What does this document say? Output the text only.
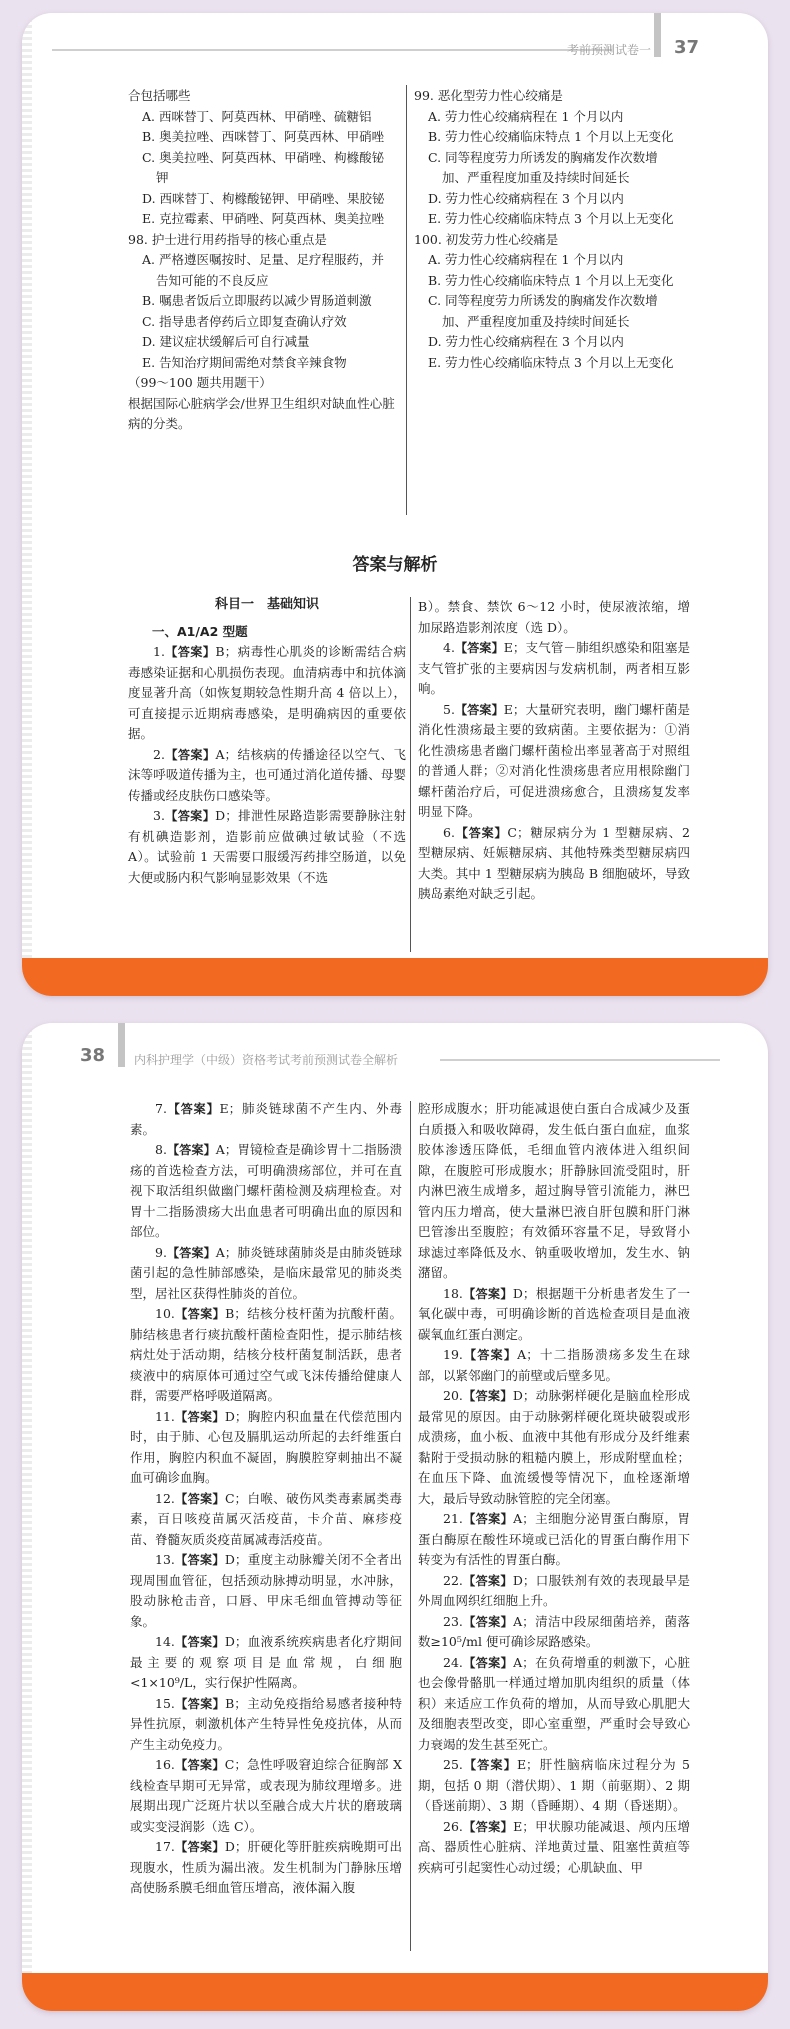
考前预测试卷一 37

合包括哪些

A. 西咪替丁、阿莫西林、甲硝唑、硫糖铝

B. 奥美拉唑、西咪替丁、阿莫西林、甲硝唑

C. 奥美拉唑、阿莫西林、甲硝唑、枸橼酸铋钾

D. 西咪替丁、枸橼酸铋钾、甲硝唑、果胶铋

E. 克拉霉素、甲硝唑、阿莫西林、奥美拉唑

98. 护士进行用药指导的核心重点是

A. 严格遵医嘱按时、足量、足疗程服药，并告知可能的不良反应

B. 嘱患者饭后立即服药以减少胃肠道刺激

C. 指导患者停药后立即复查确认疗效

D. 建议症状缓解后可自行减量

E. 告知治疗期间需绝对禁食辛辣食物

（99～100 题共用题干）

根据国际心脏病学会/世界卫生组织对缺血性心脏病的分类。

99. 恶化型劳力性心绞痛是

A. 劳力性心绞痛病程在 1 个月以内

B. 劳力性心绞痛临床特点 1 个月以上无变化

C. 同等程度劳力所诱发的胸痛发作次数增加、严重程度加重及持续时间延长

D. 劳力性心绞痛病程在 3 个月以内

E. 劳力性心绞痛临床特点 3 个月以上无变化

100. 初发劳力性心绞痛是

A. 劳力性心绞痛病程在 1 个月以内

B. 劳力性心绞痛临床特点 1 个月以上无变化

C. 同等程度劳力所诱发的胸痛发作次数增加、严重程度加重及持续时间延长

D. 劳力性心绞痛病程在 3 个月以内

E. 劳力性心绞痛临床特点 3 个月以上无变化

答案与解析

科目一　基础知识

一、A1/A2 型题

1.【答案】B；病毒性心肌炎的诊断需结合病毒感染证据和心肌损伤表现。血清病毒中和抗体滴度显著升高（如恢复期较急性期升高 4 倍以上），可直接提示近期病毒感染，是明确病因的重要依据。

2.【答案】A；结核病的传播途径以空气、飞沫等呼吸道传播为主，也可通过消化道传播、母婴传播或经皮肤伤口感染等。

3.【答案】D；排泄性尿路造影需要静脉注射有机碘造影剂，造影前应做碘过敏试验（不选 A）。试验前 1 天需要口服缓泻药排空肠道，以免大便或肠内积气影响显影效果（不选

B）。禁食、禁饮 6～12 小时，使尿液浓缩，增加尿路造影剂浓度（选 D）。

4.【答案】E；支气管－肺组织感染和阻塞是支气管扩张的主要病因与发病机制，两者相互影响。

5.【答案】E；大量研究表明，幽门螺杆菌是消化性溃疡最主要的致病菌。主要依据为：①消化性溃疡患者幽门螺杆菌检出率显著高于对照组的普通人群；②对消化性溃疡患者应用根除幽门螺杆菌治疗后，可促进溃疡愈合，且溃疡复发率明显下降。

6.【答案】C；糖尿病分为 1 型糖尿病、2 型糖尿病、妊娠糖尿病、其他特殊类型糖尿病四大类。其中 1 型糖尿病为胰岛 B 细胞破坏，导致胰岛素绝对缺乏引起。

38 内科护理学（中级）资格考试考前预测试卷全解析

7.【答案】E；肺炎链球菌不产生内、外毒素。

8.【答案】A；胃镜检查是确诊胃十二指肠溃疡的首选检查方法，可明确溃疡部位，并可在直视下取活组织做幽门螺杆菌检测及病理检查。对胃十二指肠溃疡大出血患者可明确出血的原因和部位。

9.【答案】A；肺炎链球菌肺炎是由肺炎链球菌引起的急性肺部感染，是临床最常见的肺炎类型，居社区获得性肺炎的首位。

10.【答案】B；结核分枝杆菌为抗酸杆菌。肺结核患者行痰抗酸杆菌检查阳性，提示肺结核病灶处于活动期，结核分枝杆菌复制活跃，患者痰液中的病原体可通过空气或飞沫传播给健康人群，需要严格呼吸道隔离。

11.【答案】D；胸腔内积血量在代偿范围内时，由于肺、心包及膈肌运动所起的去纤维蛋白作用，胸腔内积血不凝固，胸膜腔穿刺抽出不凝血可确诊血胸。

12.【答案】C；白喉、破伤风类毒素属类毒素，百日咳疫苗属灭活疫苗，卡介苗、麻疹疫苗、脊髓灰质炎疫苗属减毒活疫苗。

13.【答案】D；重度主动脉瓣关闭不全者出现周围血管征，包括颈动脉搏动明显，水冲脉，股动脉枪击音，口唇、甲床毛细血管搏动等征象。

14.【答案】D；血液系统疾病患者化疗期间最主要的观察项目是血常规，白细胞 <1×10⁹/L，实行保护性隔离。

15.【答案】B；主动免疫指给易感者接种特异性抗原，刺激机体产生特异性免疫抗体，从而产生主动免疫力。

16.【答案】C；急性呼吸窘迫综合征胸部 X 线检查早期可无异常，或表现为肺纹理增多。进展期出现广泛斑片状以至融合成大片状的磨玻璃或实变浸润影（选 C）。

17.【答案】D；肝硬化等肝脏疾病晚期可出现腹水，性质为漏出液。发生机制为门静脉压增高使肠系膜毛细血管压增高，液体漏入腹

腔形成腹水；肝功能减退使白蛋白合成减少及蛋白质摄入和吸收障碍，发生低白蛋白血症，血浆胶体渗透压降低，毛细血管内液体进入组织间隙，在腹腔可形成腹水；肝静脉回流受阻时，肝内淋巴液生成增多，超过胸导管引流能力，淋巴管内压力增高，使大量淋巴液自肝包膜和肝门淋巴管渗出至腹腔；有效循环容量不足，导致肾小球滤过率降低及水、钠重吸收增加，发生水、钠潴留。

18.【答案】D；根据题干分析患者发生了一氧化碳中毒，可明确诊断的首选检查项目是血液碳氧血红蛋白测定。

19.【答案】A；十二指肠溃疡多发生在球部，以紧邻幽门的前壁或后壁多见。

20.【答案】D；动脉粥样硬化是脑血栓形成最常见的原因。由于动脉粥样硬化斑块破裂或形成溃疡，血小板、血液中其他有形成分及纤维素黏附于受损动脉的粗糙内膜上，形成附壁血栓；在血压下降、血流缓慢等情况下，血栓逐渐增大，最后导致动脉管腔的完全闭塞。

21.【答案】A；主细胞分泌胃蛋白酶原，胃蛋白酶原在酸性环境或已活化的胃蛋白酶作用下转变为有活性的胃蛋白酶。

22.【答案】D；口服铁剂有效的表现最早是外周血网织红细胞上升。

23.【答案】A；清洁中段尿细菌培养，菌落数≥10⁵/ml 便可确诊尿路感染。

24.【答案】A；在负荷增重的刺激下，心脏也会像骨骼肌一样通过增加肌肉组织的质量（体积）来适应工作负荷的增加，从而导致心肌肥大及细胞表型改变，即心室重塑，严重时会导致心力衰竭的发生甚至死亡。

25.【答案】E；肝性脑病临床过程分为 5 期，包括 0 期（潜伏期）、1 期（前驱期）、2 期（昏迷前期）、3 期（昏睡期）、4 期（昏迷期）。

26.【答案】E；甲状腺功能减退、颅内压增高、器质性心脏病、洋地黄过量、阻塞性黄疸等疾病可引起窦性心动过缓；心肌缺血、甲
